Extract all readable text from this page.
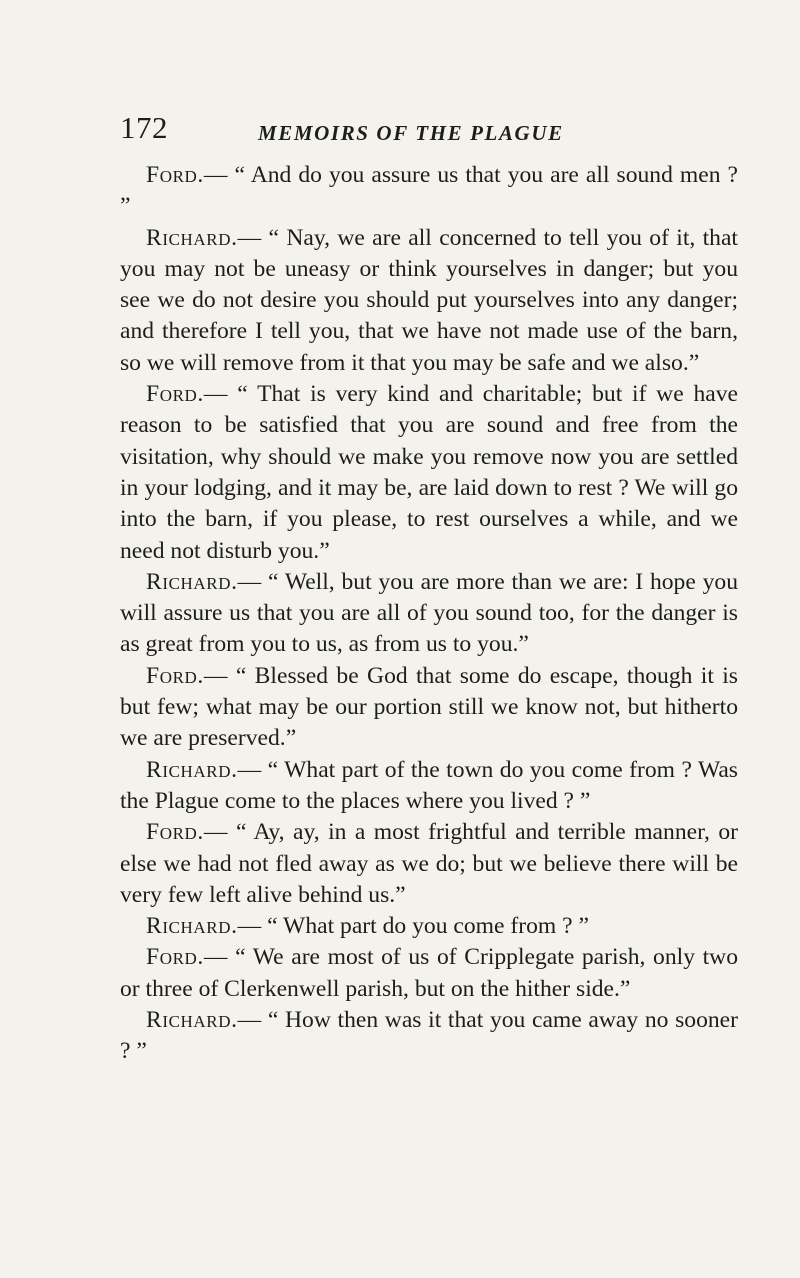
172	MEMOIRS OF THE PLAGUE

Ford.— “ And do you assure us that you are all sound men ? ”

Richard.— “ Nay, we are all concerned to tell you of it, that you may not be uneasy or think yourselves in danger; but you see we do not desire you should put yourselves into any danger; and therefore I tell you, that we have not made use of the barn, so we will remove from it that you may be safe and we also.”

Ford.— “ That is very kind and charitable; but if we have reason to be satisfied that you are sound and free from the visitation, why should we make you remove now you are settled in your lodging, and it may be, are laid down to rest ? We will go into the barn, if you please, to rest ourselves a while, and we need not disturb you.”

Richard.— “ Well, but you are more than we are: I hope you will assure us that you are all of you sound too, for the danger is as great from you to us, as from us to you.”

Ford.— “ Blessed be God that some do escape, though it is but few; what may be our portion still we know not, but hitherto we are preserved.”

Richard.— “ What part of the town do you come from ? Was the Plague come to the places where you lived ? ”

Ford.— “ Ay, ay, in a most frightful and terrible manner, or else we had not fled away as we do; but we believe there will be very few left alive behind us.”

Richard.— “ What part do you come from ? ”

Ford.— “ We are most of us of Cripplegate parish, only two or three of Clerkenwell parish, but on the hither side.”

Richard.— “ How then was it that you came away no sooner ? ”
